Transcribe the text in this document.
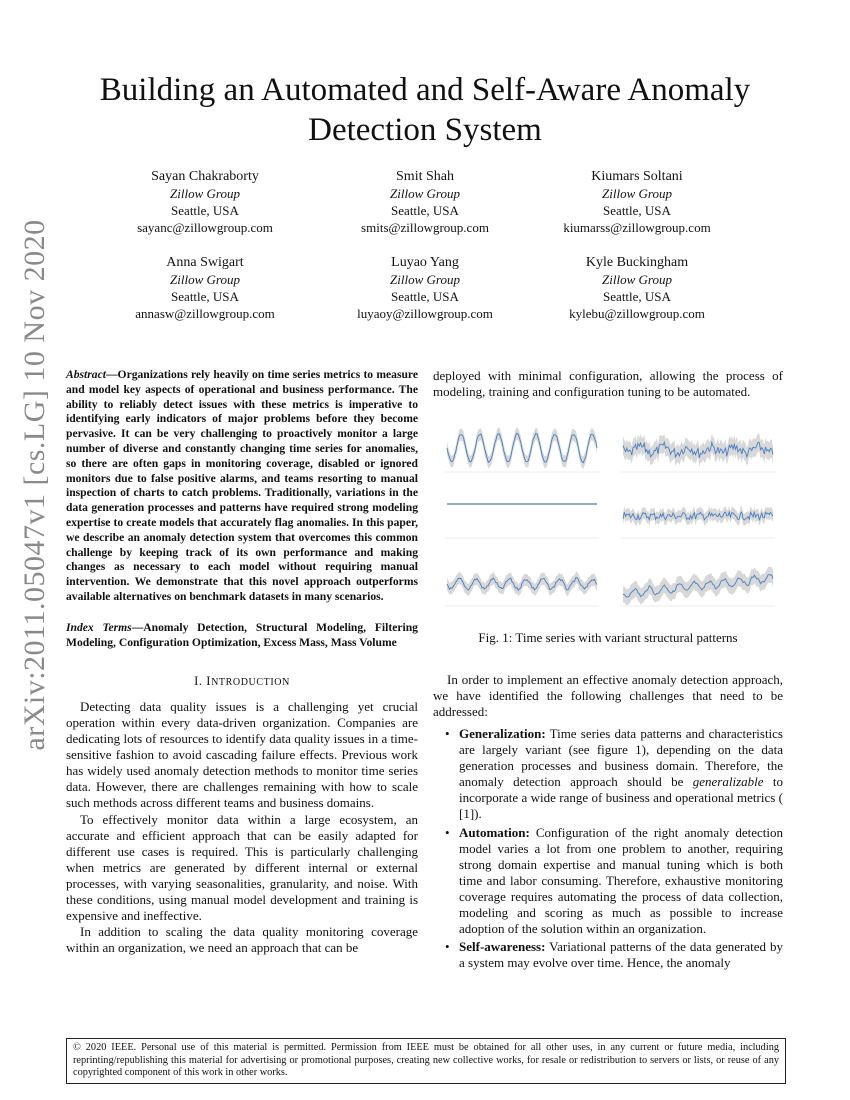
arXiv:2011.05047v1 [cs.LG] 10 Nov 2020
Building an Automated and Self-Aware Anomaly Detection System
Sayan Chakraborty
Zillow Group
Seattle, USA
sayanc@zillowgroup.com
Smit Shah
Zillow Group
Seattle, USA
smits@zillowgroup.com
Kiumars Soltani
Zillow Group
Seattle, USA
kiumarss@zillowgroup.com
Anna Swigart
Zillow Group
Seattle, USA
annasw@zillowgroup.com
Luyao Yang
Zillow Group
Seattle, USA
luyaoy@zillowgroup.com
Kyle Buckingham
Zillow Group
Seattle, USA
kylebu@zillowgroup.com

Abstract—Organizations rely heavily on time series metrics to measure and model key aspects of operational and business performance. The ability to reliably detect issues with these metrics is imperative to identifying early indicators of major problems before they become pervasive. It can be very challenging to proactively monitor a large number of diverse and constantly changing time series for anomalies, so there are often gaps in monitoring coverage, disabled or ignored monitors due to false positive alarms, and teams resorting to manual inspection of charts to catch problems. Traditionally, variations in the data generation processes and patterns have required strong modeling expertise to create models that accurately flag anomalies. In this paper, we describe an anomaly detection system that overcomes this common challenge by keeping track of its own performance and making changes as necessary to each model without requiring manual intervention. We demonstrate that this novel approach outperforms available alternatives on benchmark datasets in many scenarios.

Index Terms—Anomaly Detection, Structural Modeling, Filtering Modeling, Configuration Optimization, Excess Mass, Mass Volume

I. INTRODUCTION

Detecting data quality issues is a challenging yet crucial operation within every data-driven organization. Companies are dedicating lots of resources to identify data quality issues in a time-sensitive fashion to avoid cascading failure effects. Previous work has widely used anomaly detection methods to monitor time series data. However, there are challenges remaining with how to scale such methods across different teams and business domains.

To effectively monitor data within a large ecosystem, an accurate and efficient approach that can be easily adapted for different use cases is required. This is particularly challenging when metrics are generated by different internal or external processes, with varying seasonalities, granularity, and noise. With these conditions, using manual model development and training is expensive and ineffective.

In addition to scaling the data quality monitoring coverage within an organization, we need an approach that can be

deployed with minimal configuration, allowing the process of modeling, training and configuration tuning to be automated.

Fig. 1: Time series with variant structural patterns

In order to implement an effective anomaly detection approach, we have identified the following challenges that need to be addressed:

• Generalization: Time series data patterns and characteristics are largely variant (see figure 1), depending on the data generation processes and business domain. Therefore, the anomaly detection approach should be generalizable to incorporate a wide range of business and operational metrics ( [1]).
• Automation: Configuration of the right anomaly detection model varies a lot from one problem to another, requiring strong domain expertise and manual tuning which is both time and labor consuming. Therefore, exhaustive monitoring coverage requires automating the process of data collection, modeling and scoring as much as possible to increase adoption of the solution within an organization.
• Self-awareness: Variational patterns of the data generated by a system may evolve over time. Hence, the anomaly
© 2020 IEEE. Personal use of this material is permitted. Permission from IEEE must be obtained for all other uses, in any current or future media, including reprinting/republishing this material for advertising or promotional purposes, creating new collective works, for resale or redistribution to servers or lists, or reuse of any copyrighted component of this work in other works.
